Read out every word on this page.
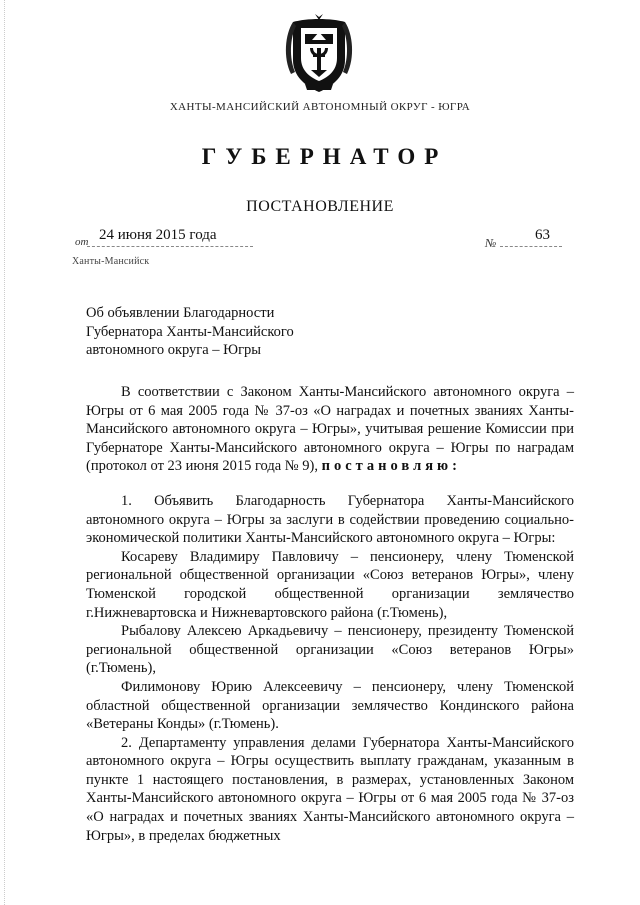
ХАНТЫ-МАНСИЙСКИЙ АВТОНОМНЫЙ ОКРУГ - ЮГРА
ГУБЕРНАТОР
ПОСТАНОВЛЕНИЕ
от 24 июня 2015 года	№	63
Ханты-Мансийск
Об объявлении Благодарности
Губернатора Ханты-Мансийского
автономного округа – Югры

В соответствии с Законом Ханты-Мансийского автономного округа – Югры от 6 мая 2005 года № 37-оз «О наградах и почетных званиях Ханты-Мансийского автономного округа – Югры», учитывая решение Комиссии при Губернаторе Ханты-Мансийского автономного округа – Югры по наградам (протокол от 23 июня 2015 года № 9), постановляю:

1. Объявить Благодарность Губернатора Ханты-Мансийского автономного округа – Югры за заслуги в содействии проведению социально-экономической политики Ханты-Мансийского автономного округа – Югры:

Косареву Владимиру Павловичу – пенсионеру, члену Тюменской региональной общественной организации «Союз ветеранов Югры», члену Тюменской городской общественной организации землячество г.Нижневартовска и Нижневартовского района (г.Тюмень),

Рыбалову Алексею Аркадьевичу – пенсионеру, президенту Тюменской региональной общественной организации «Союз ветеранов Югры» (г.Тюмень),

Филимонову Юрию Алексеевичу – пенсионеру, члену Тюменской областной общественной организации землячество Кондинского района «Ветераны Конды» (г.Тюмень).

2. Департаменту управления делами Губернатора Ханты-Мансийского автономного округа – Югры осуществить выплату гражданам, указанным в пункте 1 настоящего постановления, в размерах, установленных Законом Ханты-Мансийского автономного округа – Югры от 6 мая 2005 года № 37-оз «О наградах и почетных званиях Ханты-Мансийского автономного округа – Югры», в пределах бюджетных
